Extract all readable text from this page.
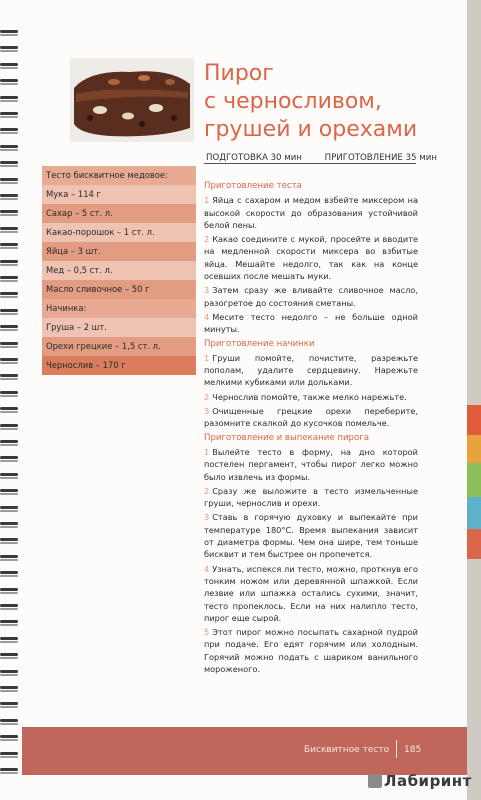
Пирог
с черносливом,
грушей и орехами
ПОДГОТОВКА 30 мин	ПРИГОТОВЛЕНИЕ 35 мин
Тесто бисквитное медовое:
Мука – 114 г
Сахар – 5 ст. л.
Какао-порошок – 1 ст. л.
Яйца – 3 шт.
Мед – 0,5 ст. л.
Масло сливочное – 50 г
Начинка:
Груша – 2 шт.
Орехи грецкие – 1,5 ст. л.
Чернослив – 170 г
Приготовление теста

1 Яйца с сахаром и медом взбейте миксером на высокой скорости до образования устойчивой белой пены.

2 Какао соедините с мукой, просейте и вводите на медленной скорости миксера во взбитые яйца. Мешайте недолго, так как на конце осевших после мешать муки.

3 Затем сразу же вливайте сливочное масло, разогретое до состояния сметаны.

4 Месите тесто недолго – не больше одной минуты.

Приготовление начинки

1 Груши помойте, почистите, разрежьте пополам, удалите сердцевину. Нарежьте мелкими кубиками или дольками.

2 Чернослив помойте, также мелко нарежьте.

3 Очищенные грецкие орехи переберите, разомните скалкой до кусочков помельче.

Приготовление и выпекание пирога

1 Вылейте тесто в форму, на дно которой постелен пергамент, чтобы пирог легко можно было извлечь из формы.

2 Сразу же выложите в тесто измельченные груши, чернослив и орехи.

3 Ставь в горячую духовку и выпекайте при температуре 180°С. Время выпекания зависит от диаметра формы. Чем она шире, тем тоньше бисквит и тем быстрее он пропечется.

4 Узнать, испекся ли тесто, можно, проткнув его тонким ножом или деревянной шпажкой. Если лезвие или шпажка остались сухими, значит, тесто пропеклось. Если на них налипло тесто, пирог еще сырой.

5 Этот пирог можно посыпать сахарной пудрой при подаче. Его едят горячим или холодным. Горячий можно подать с шариком ванильного мороженого.

Бисквитное тесто 185
Лабиринт
